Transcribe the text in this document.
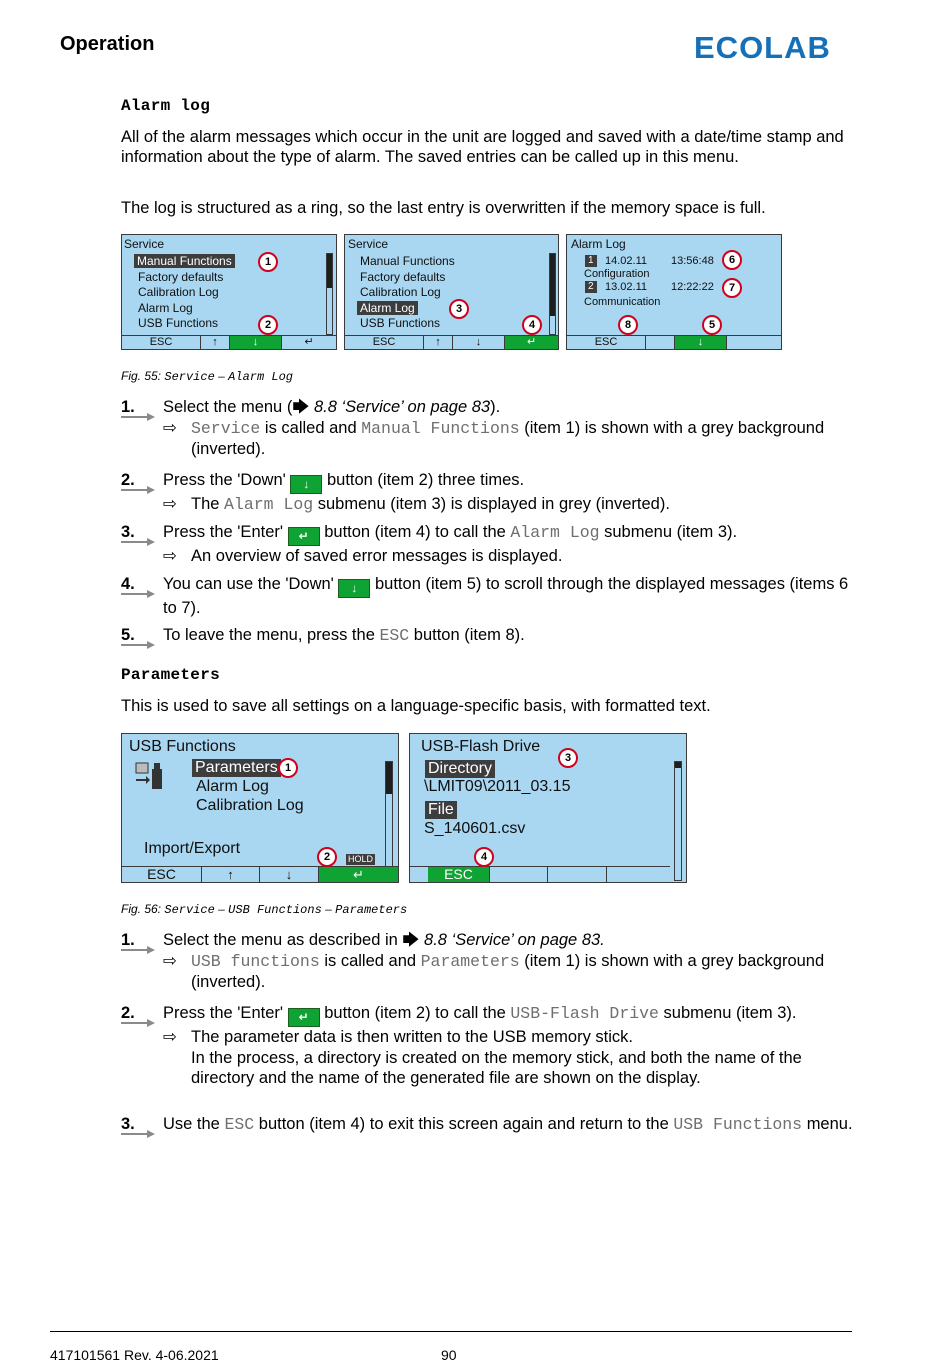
Operation	ECOLAB
Alarm log
All of the alarm messages which occur in the unit are logged and saved with a date/time stamp and information about the type of alarm. The saved entries can be called up in this menu.
The log is structured as a ring, so the last entry is overwritten if the memory space is full.
Service
Manual Functions
Factory defaults
Calibration Log
Alarm Log
USB Functions
ESC	↑	↓	↵
1
2
Service
Manual Functions
Factory defaults
Calibration Log
Alarm Log
USB Functions
ESC	↑	↓	↵
3
4
Alarm Log
1 14.02.11 13:56:48
Configuration
2 13.02.11 12:22:22
Communication
ESC	↓
6
7
8	5
Fig. 55: Service – Alarm Log
1. Select the menu (🡆 8.8 ‘Service’ on page 83).
⇨ Service is called and Manual Functions (item 1) is shown with a grey background (inverted).
2. Press the 'Down' ↓ button (item 2) three times.
⇨ The Alarm Log submenu (item 3) is displayed in grey (inverted).
3. Press the 'Enter' ↵ button (item 4) to call the Alarm Log submenu (item 3).
⇨ An overview of saved error messages is displayed.
4. You can use the 'Down' ↓ button (item 5) to scroll through the displayed messages (items 6 to 7).
5. To leave the menu, press the ESC button (item 8).
Parameters
This is used to save all settings on a language-specific basis, with formatted text.
USB Functions
Parameters
Alarm Log
Calibration Log
Import/Export
HOLD
ESC	↑	↓	↵
1
2
USB-Flash Drive
Directory
\LMIT09\2011_03.15
File
S_140601.csv
ESC
3
4
Fig. 56: Service – USB Functions – Parameters
1. Select the menu as described in 🡆 8.8 ‘Service’ on page 83.
⇨ USB functions is called and Parameters (item 1) is shown with a grey background (inverted).
2. Press the 'Enter' ↵ button (item 2) to call the USB-Flash Drive submenu (item 3).
⇨ The parameter data is then written to the USB memory stick.
In the process, a directory is created on the memory stick, and both the name of the directory and the name of the generated file are shown on the display.
3. Use the ESC button (item 4) to exit this screen again and return to the USB Functions menu.
417101561 Rev. 4-06.2021	90
